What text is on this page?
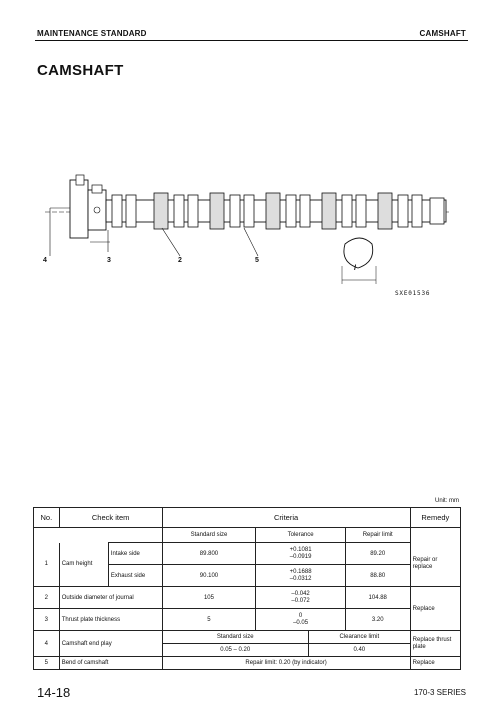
MAINTENANCE STANDARD	CAMSHAFT
CAMSHAFT
4	3	2	5
l
SXE01536
Unit: mm
No.	Check item		Criteria				Remedy
			Standard size	Tolerance		Repair limit	
1	Cam height	Intake side	89.800	+0.1081
–0.0919		89.20	Repair or replace
		Exhaust side	90.100	+0.1688
–0.0312		88.80	
2	Outside diameter of journal		105	–0.042
–0.072		104.88	Replace
3	Thrust plate thickness		5	0
–0.05		3.20	
4	Camshaft end play		Standard size		Clearance limit		Replace thrust plate
			0.05 – 0.20		0.40		
5	Bend of camshaft		Repair limit: 0.20 (by indicator)				Replace
14-18	170-3 SERIES
